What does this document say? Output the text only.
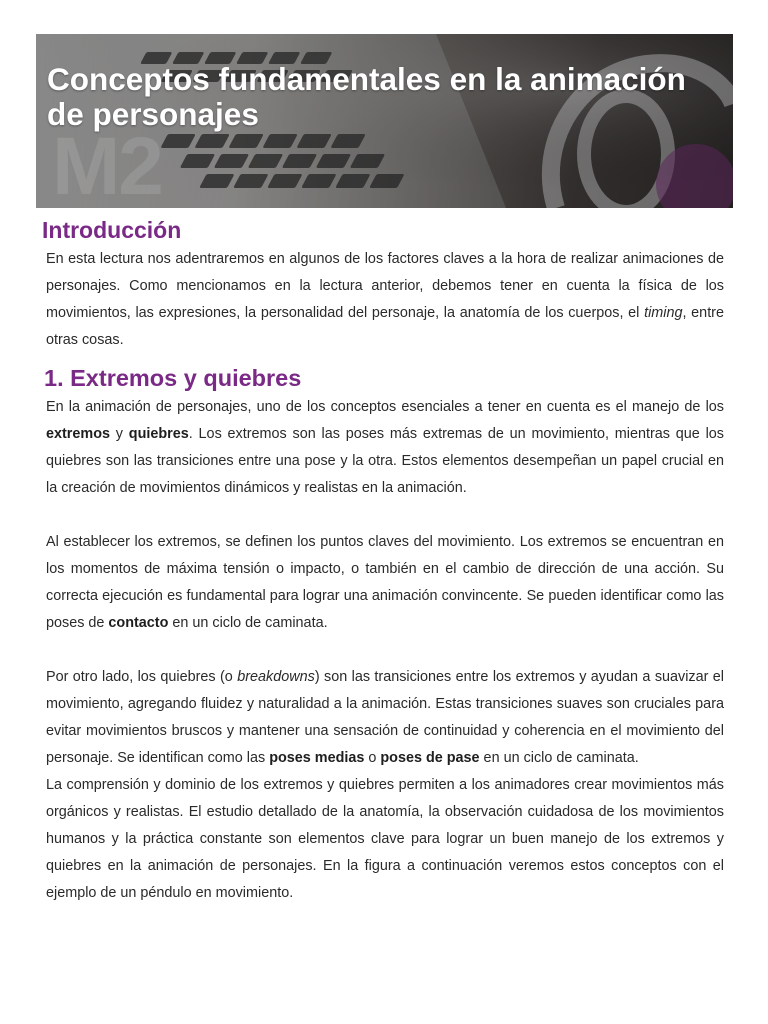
M2
Conceptos fundamentales en la animación de personajes
Introducción

En esta lectura nos adentraremos en algunos de los factores claves a la hora de realizar animaciones de personajes. Como mencionamos en la lectura anterior, debemos tener en cuenta la física de los movimientos, las expresiones, la personalidad del personaje, la anatomía de los cuerpos, el timing, entre otras cosas.

1. Extremos y quiebres

En la animación de personajes, uno de los conceptos esenciales a tener en cuenta es el manejo de los extremos y quiebres. Los extremos son las poses más extremas de un movimiento, mientras que los quiebres son las transiciones entre una pose y la otra. Estos elementos desempeñan un papel crucial en la creación de movimientos dinámicos y realistas en la animación.

Al establecer los extremos, se definen los puntos claves del movimiento. Los extremos se encuentran en los momentos de máxima tensión o impacto, o también en el cambio de dirección de una acción. Su correcta ejecución es fundamental para lograr una animación convincente. Se pueden identificar como las poses de contacto en un ciclo de caminata.

Por otro lado, los quiebres (o breakdowns) son las transiciones entre los extremos y ayudan a suavizar el movimiento, agregando fluidez y naturalidad a la animación. Estas transiciones suaves son cruciales para evitar movimientos bruscos y mantener una sensación de continuidad y coherencia en el movimiento del personaje. Se identifican como las poses medias o poses de pase en un ciclo de caminata.

La comprensión y dominio de los extremos y quiebres permiten a los animadores crear movimientos más orgánicos y realistas. El estudio detallado de la anatomía, la observación cuidadosa de los movimientos humanos y la práctica constante son elementos clave para lograr un buen manejo de los extremos y quiebres en la animación de personajes. En la figura a continuación veremos estos conceptos con el ejemplo de un péndulo en movimiento.
